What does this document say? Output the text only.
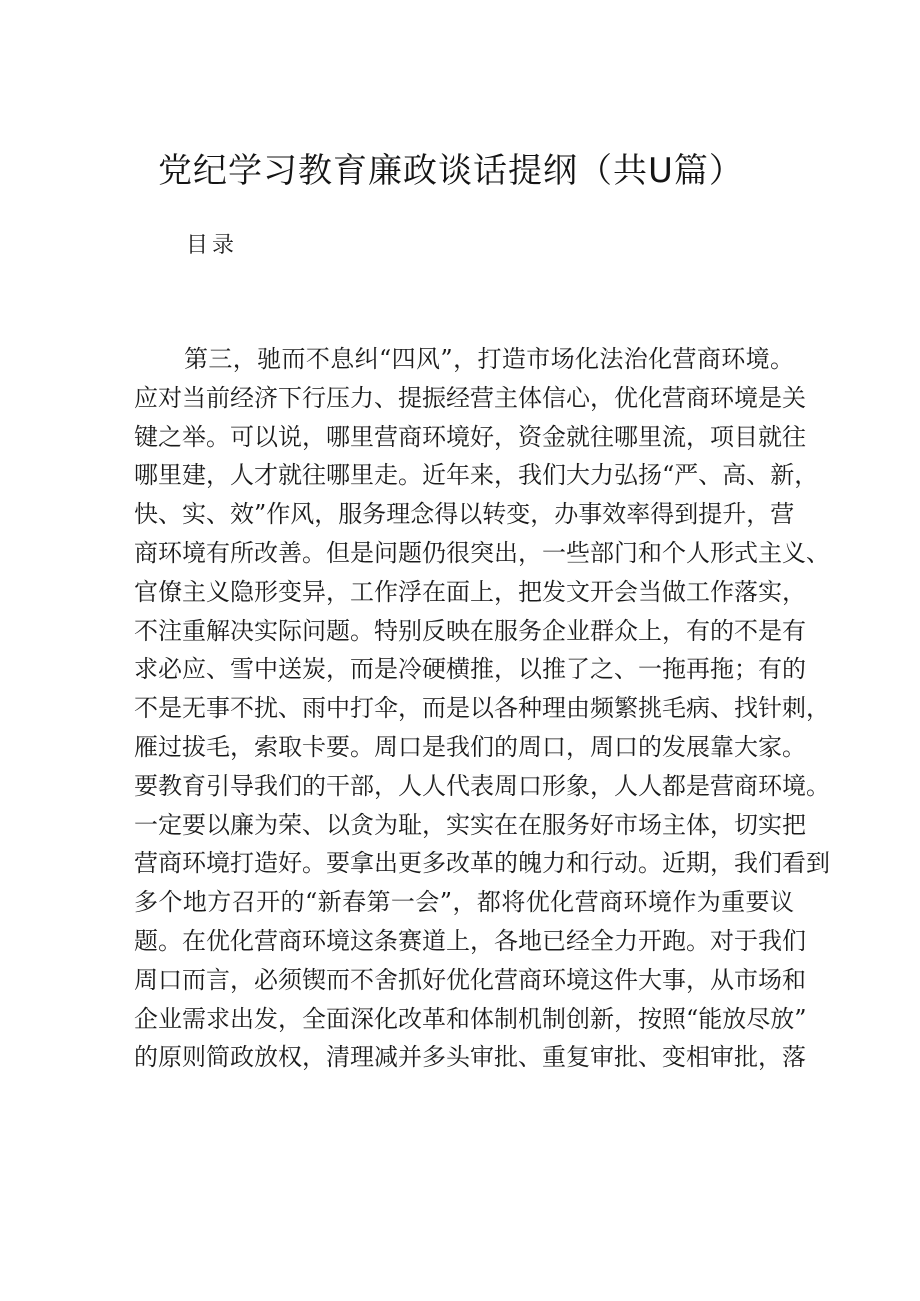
党纪学习教育廉政谈话提纲（共U篇）
目录
第 三 ， 驰 而 不 息 纠 “ 四 风 ” ， 打 造 市 场 化 法 治 化 营 商 环 境 。
应 对 当 前 经 济 下 行 压 力 、 提 振 经 营 主 体 信 心 ， 优 化 营 商 环 境 是 关
键 之 举 。 可 以 说 ， 哪 里 营 商 环 境 好 ， 资 金 就 往 哪 里 流 ， 项 目 就 往
哪 里 建 ， 人 才 就 往 哪 里 走 。 近 年 来 ， 我 们 大 力 弘 扬 “ 严 、 高 、 新 ，
快 、 实 、 效 ” 作 风 ， 服 务 理 念 得 以 转 变 ， 办 事 效 率 得 到 提 升 ， 营
商 环 境 有 所 改 善 。 但 是 问 题 仍 很 突 出 ， 一 些 部 门 和 个 人 形 式 主 义 、
官 僚 主 义 隐 形 变 异 ， 工 作 浮 在 面 上 ， 把 发 文 开 会 当 做 工 作 落 实 ，
不 注 重 解 决 实 际 问 题 。 特 别 反 映 在 服 务 企 业 群 众 上 ， 有 的 不 是 有
求 必 应 、 雪 中 送 炭 ， 而 是 冷 硬 横 推 ， 以 推 了 之 、 一 拖 再 拖 ； 有 的
不 是 无 事 不 扰 、 雨 中 打 伞 ， 而 是 以 各 种 理 由 频 繁 挑 毛 病 、 找 针 刺 ，
雁 过 拔 毛 ， 索 取 卡 要 。 周 口 是 我 们 的 周 口 ， 周 口 的 发 展 靠 大 家 。
要 教 育 引 导 我 们 的 干 部 ， 人 人 代 表 周 口 形 象 ， 人 人 都 是 营 商 环 境 。
一 定 要 以 廉 为 荣 、 以 贪 为 耻 ， 实 实 在 在 服 务 好 市 场 主 体 ， 切 实 把
营 商 环 境 打 造 好 。 要 拿 出 更 多 改 革 的 魄 力 和 行 动 。 近 期 ， 我 们 看 到
多 个 地 方 召 开 的 “ 新 春 第 一 会 ” ， 都 将 优 化 营 商 环 境 作 为 重 要 议
题 。 在 优 化 营 商 环 境 这 条 赛 道 上 ， 各 地 已 经 全 力 开 跑 。 对 于 我 们
周 口 而 言 ， 必 须 锲 而 不 舍 抓 好 优 化 营 商 环 境 这 件 大 事 ， 从 市 场 和
企 业 需 求 出 发 ， 全 面 深 化 改 革 和 体 制 机 制 创 新 ， 按 照 “ 能 放 尽 放 ”
的 原 则 简 政 放 权 ， 清 理 减 并 多 头 审 批 、 重 复 审 批 、 变 相 审 批 ， 落
